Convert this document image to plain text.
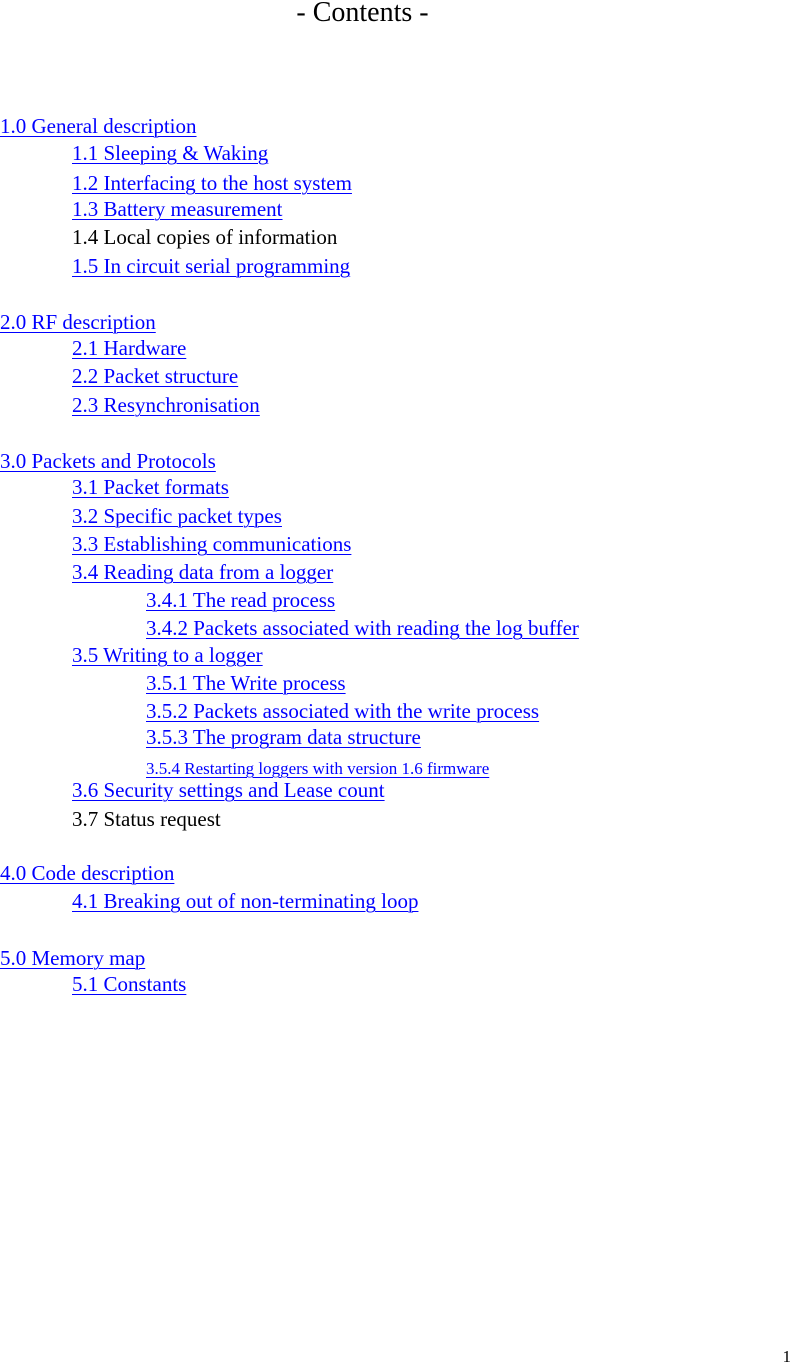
- Contents -
1.0 General description
1.1 Sleeping & Waking
1.2 Interfacing to the host system
1.3 Battery measurement
1.4 Local copies of information
1.5 In circuit serial programming
2.0 RF description
2.1 Hardware
2.2 Packet structure
2.3 Resynchronisation
3.0 Packets and Protocols
3.1 Packet formats
3.2 Specific packet types
3.3 Establishing communications
3.4 Reading data from a logger
3.4.1 The read process
3.4.2 Packets associated with reading the log buffer
3.5 Writing to a logger
3.5.1 The Write process
3.5.2 Packets associated with the write process
3.5.3 The program data structure
3.5.4 Restarting loggers with version 1.6 firmware
3.6 Security settings and Lease count
3.7 Status request
4.0 Code description
4.1 Breaking out of non-terminating loop
5.0 Memory map
5.1 Constants
1
